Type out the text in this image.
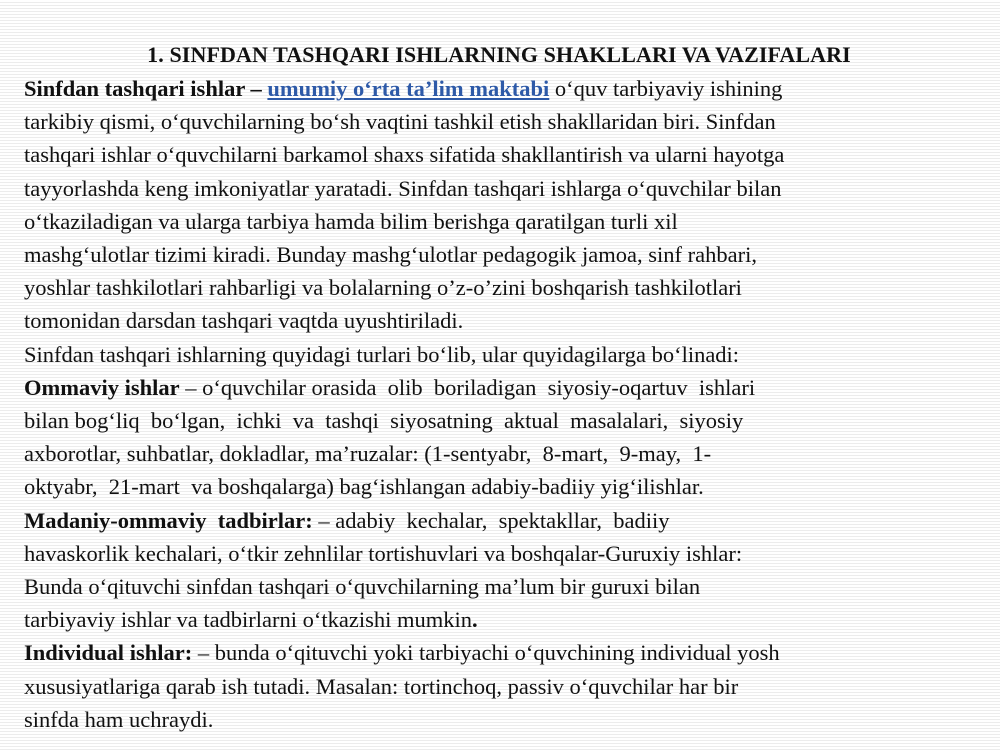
1. SINFDAN TASHQARI ISHLARNING SHAKLLARI VA VAZIFALARI
Sinfdan tashqari ishlar – umumiy o‘rta ta’lim maktabi o‘quv tarbiyaviy ishining
tarkibiy qismi, o‘quvchilarning bo‘sh vaqtini tashkil etish shakllaridan biri. Sinfdan
tashqari ishlar o‘quvchilarni barkamol shaxs sifatida shakllantirish va ularni hayotga
tayyorlashda keng imkoniyatlar yaratadi. Sinfdan tashqari ishlarga o‘quvchilar bilan
o‘tkaziladigan va ularga tarbiya hamda bilim berishga qaratilgan turli xil
mashg‘ulotlar tizimi kiradi. Bunday mashg‘ulotlar pedagogik jamoa, sinf rahbari,
yoshlar tashkilotlari rahbarligi va bolalarning o’z-o’zini boshqarish tashkilotlari
tomonidan darsdan tashqari vaqtda uyushtiriladi.
Sinfdan tashqari ishlarning quyidagi turlari bo‘lib, ular quyidagilarga bo‘linadi:
Ommaviy ishlar – o‘quvchilar orasida  olib  boriladigan  siyosiy-oqartuv  ishlari
bilan bog‘liq  bo‘lgan,  ichki  va  tashqi  siyosatning  aktual  masalalari,  siyosiy
axborotlar, suhbatlar, dokladlar, ma’ruzalar: (1-sentyabr,  8-mart,  9-may,  1-
oktyabr,  21-mart  va boshqalarga) bag‘ishlangan adabiy-badiiy yig‘ilishlar.
Madaniy-ommaviy  tadbirlar: – adabiy  kechalar,  spektakllar,  badiiy
havaskorlik kechalari, o‘tkir zehnlilar tortishuvlari va boshqalar-Guruxiy ishlar:
Bunda o‘qituvchi sinfdan tashqari o‘quvchilarning ma’lum bir guruxi bilan
tarbiyaviy ishlar va tadbirlarni o‘tkazishi mumkin.
Individual ishlar: – bunda o‘qituvchi yoki tarbiyachi o‘quvchining individual yosh
xususiyatlariga qarab ish tutadi. Masalan: tortinchoq, passiv o‘quvchilar har bir
sinfda ham uchraydi.
